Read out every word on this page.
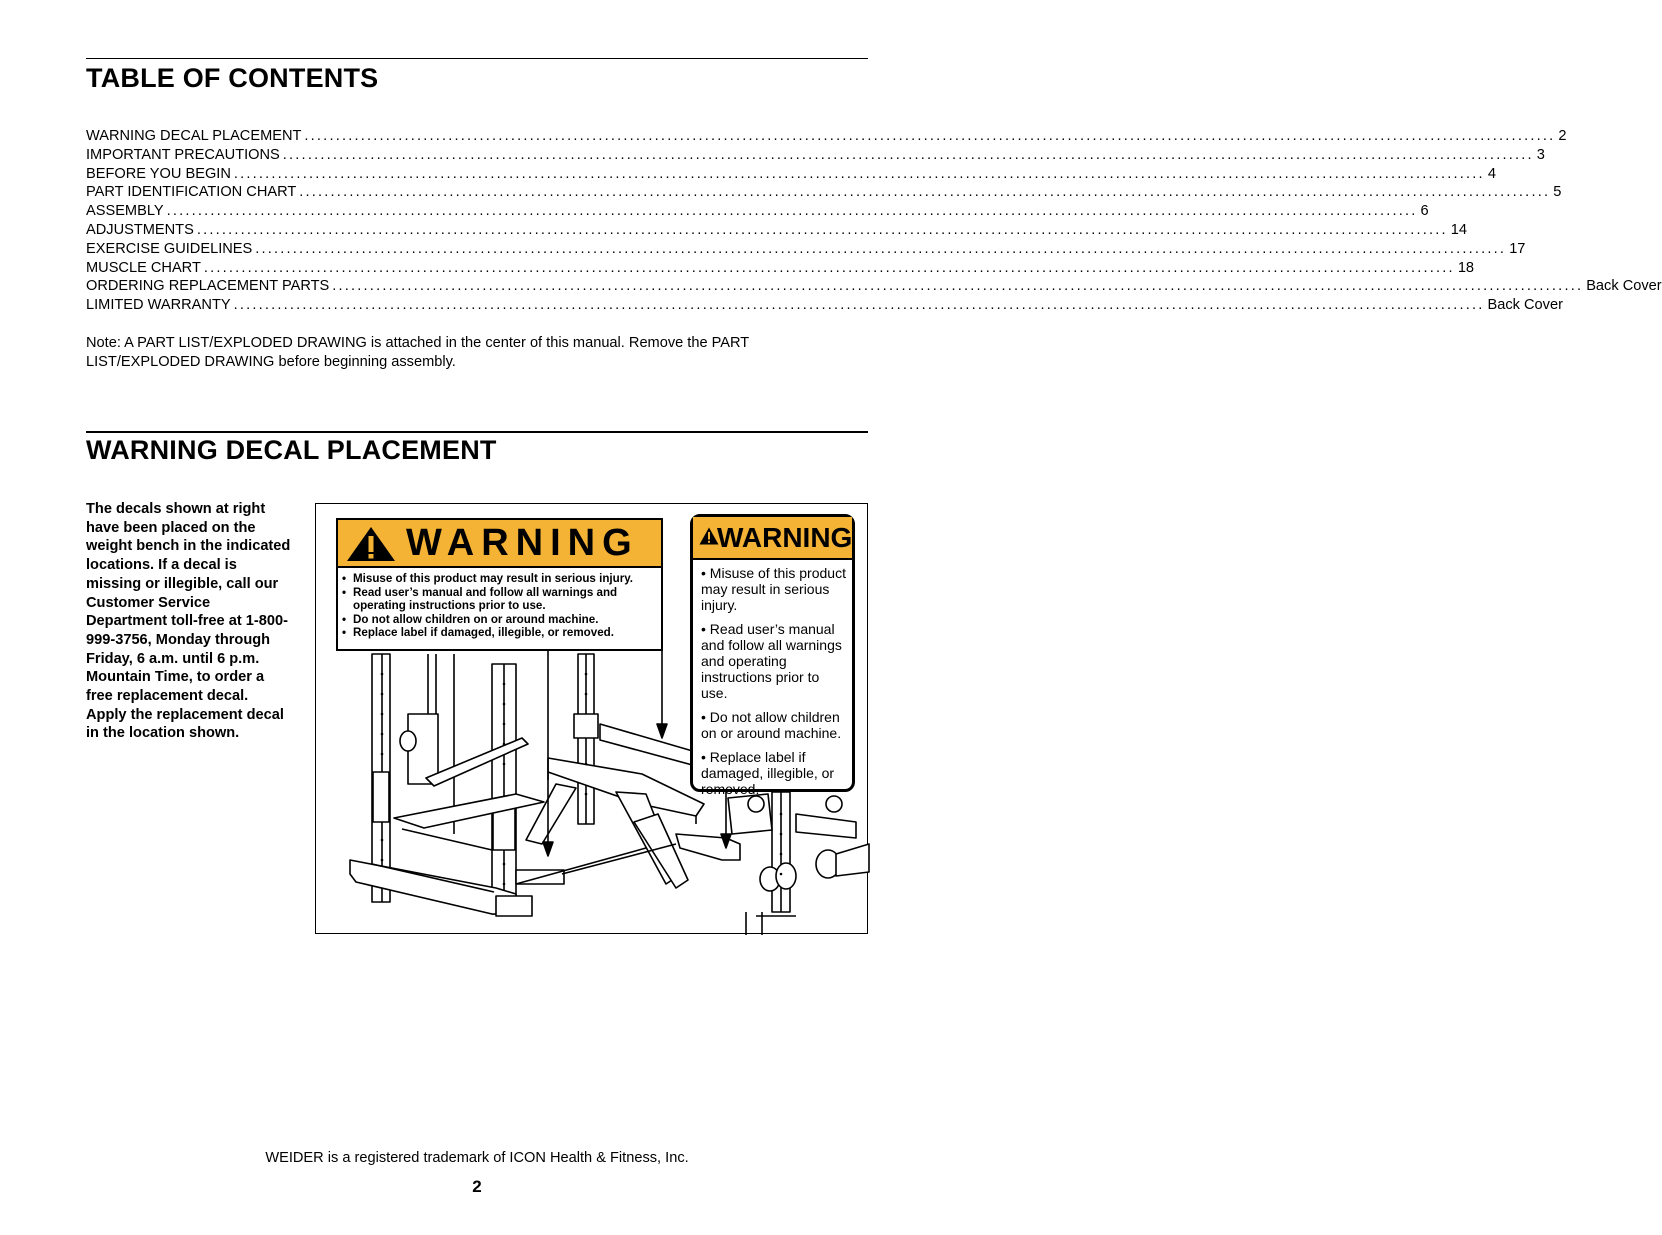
TABLE OF CONTENTS
WARNING DECAL PLACEMENT ........................................................................................................................................................................................................ 2
IMPORTANT PRECAUTIONS ........................................................................................................................................................................................................ 3
BEFORE YOU BEGIN ........................................................................................................................................................................................................ 4
PART IDENTIFICATION CHART ........................................................................................................................................................................................................ 5
ASSEMBLY ........................................................................................................................................................................................................ 6
ADJUSTMENTS ........................................................................................................................................................................................................ 14
EXERCISE GUIDELINES ........................................................................................................................................................................................................ 17
MUSCLE CHART ........................................................................................................................................................................................................ 18
ORDERING REPLACEMENT PARTS ........................................................................................................................................................................................................ Back Cover
LIMITED WARRANTY ........................................................................................................................................................................................................ Back Cover
Note: A PART LIST/EXPLODED DRAWING is attached in the center of this manual. Remove the PART LIST/EXPLODED DRAWING before beginning assembly.
WARNING DECAL PLACEMENT
The decals shown at right have been placed on the weight bench in the indicated locations. If a decal is missing or illegible, call our Customer Service Department toll-free at 1-800-999-3756, Monday through Friday, 6 a.m. until 6 p.m. Mountain Time, to order a free replacement decal. Apply the replacement decal in the location shown.
WARNING
• Misuse of this product may result in serious injury.
• Read user’s manual and follow all warnings and operating instructions prior to use.
• Do not allow children on or around machine.
• Replace label if damaged, illegible, or removed.
WARNING
• Misuse of this product may result in serious injury.
• Read user’s manual and follow all warnings and operating instructions prior to use.
• Do not allow children on or around machine.
• Replace label if damaged, illegible, or removed.
WEIDER is a registered trademark of ICON Health & Fitness, Inc.
2
